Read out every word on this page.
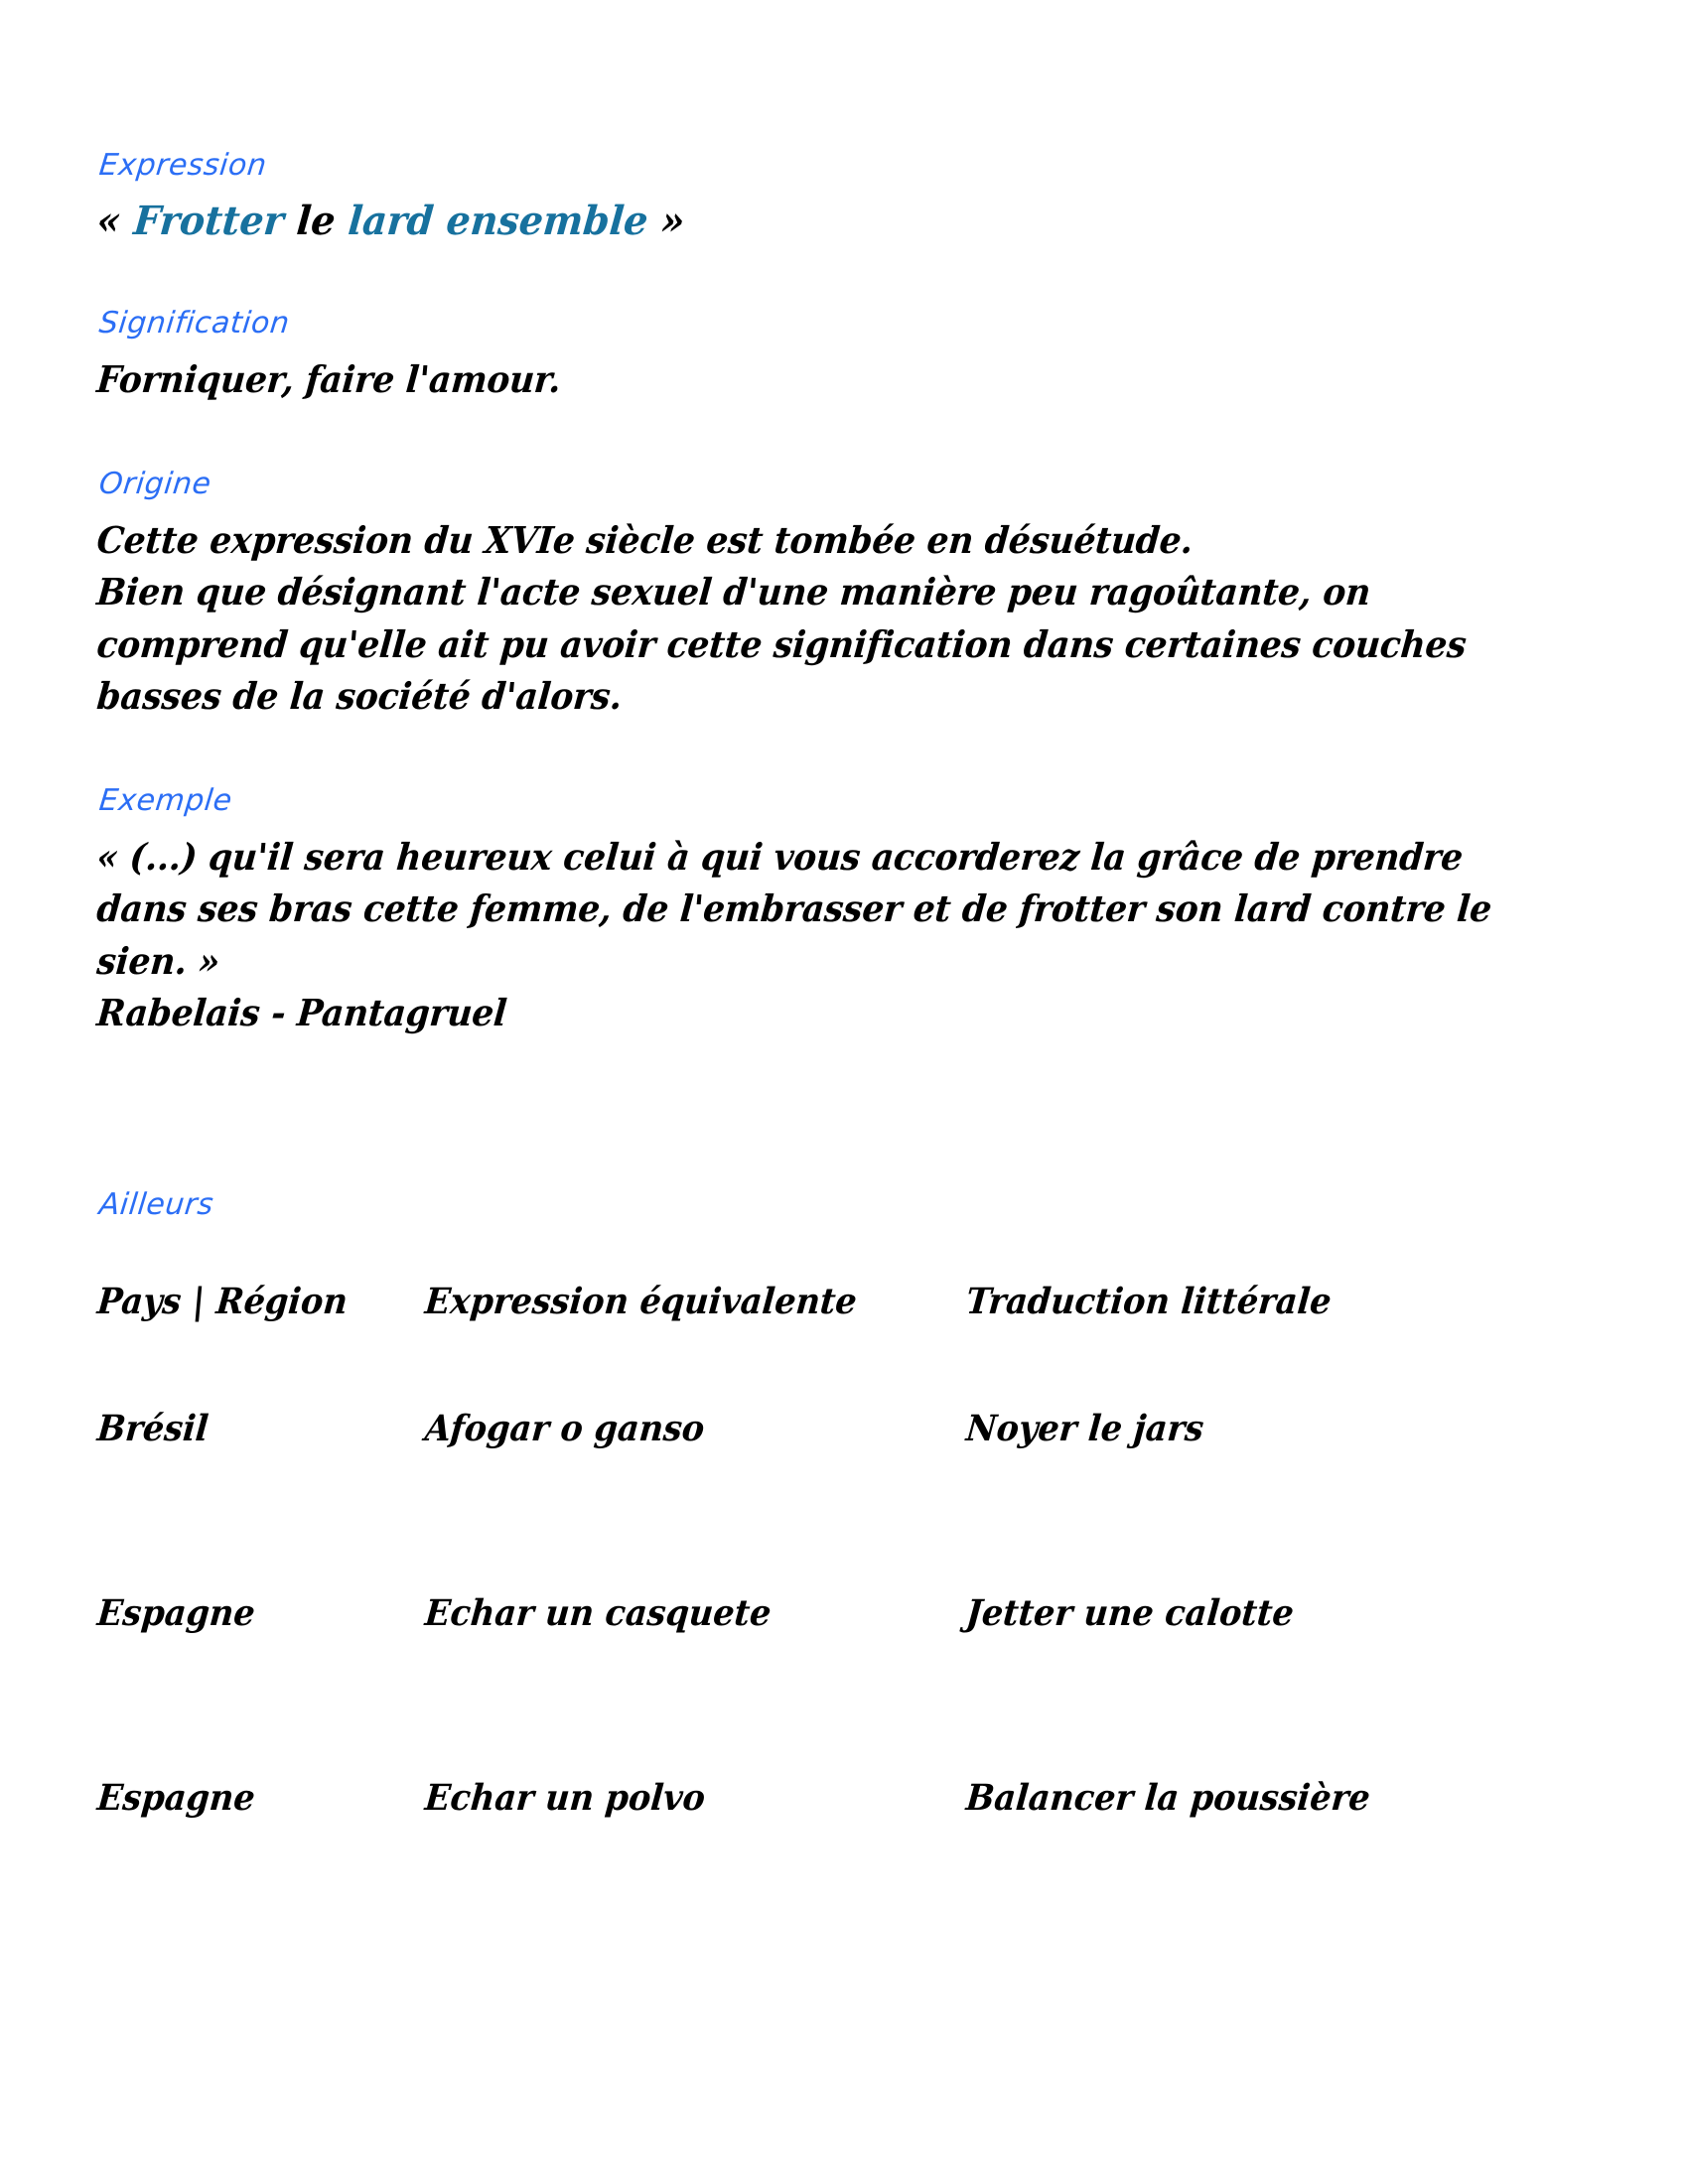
Expression
« Frotter le lard ensemble »
Signification

Forniquer, faire l'amour.

Origine

Cette expression du XVIe siècle est tombée en désuétude.

Bien que désignant l'acte sexuel d'une manière peu ragoûtante, on

comprend qu'elle ait pu avoir cette signification dans certaines couches

basses de la société d'alors.

Exemple

« (...) qu'il sera heureux celui à qui vous accorderez la grâce de prendre

dans ses bras cette femme, de l'embrasser et de frotter son lard contre le

sien. »

Rabelais - Pantagruel

Ailleurs
Pays | Région	Expression équivalente	Traduction littérale
Brésil	Afogar o ganso	Noyer le jars
Espagne	Echar un casquete	Jetter une calotte
Espagne	Echar un polvo	Balancer la poussière
